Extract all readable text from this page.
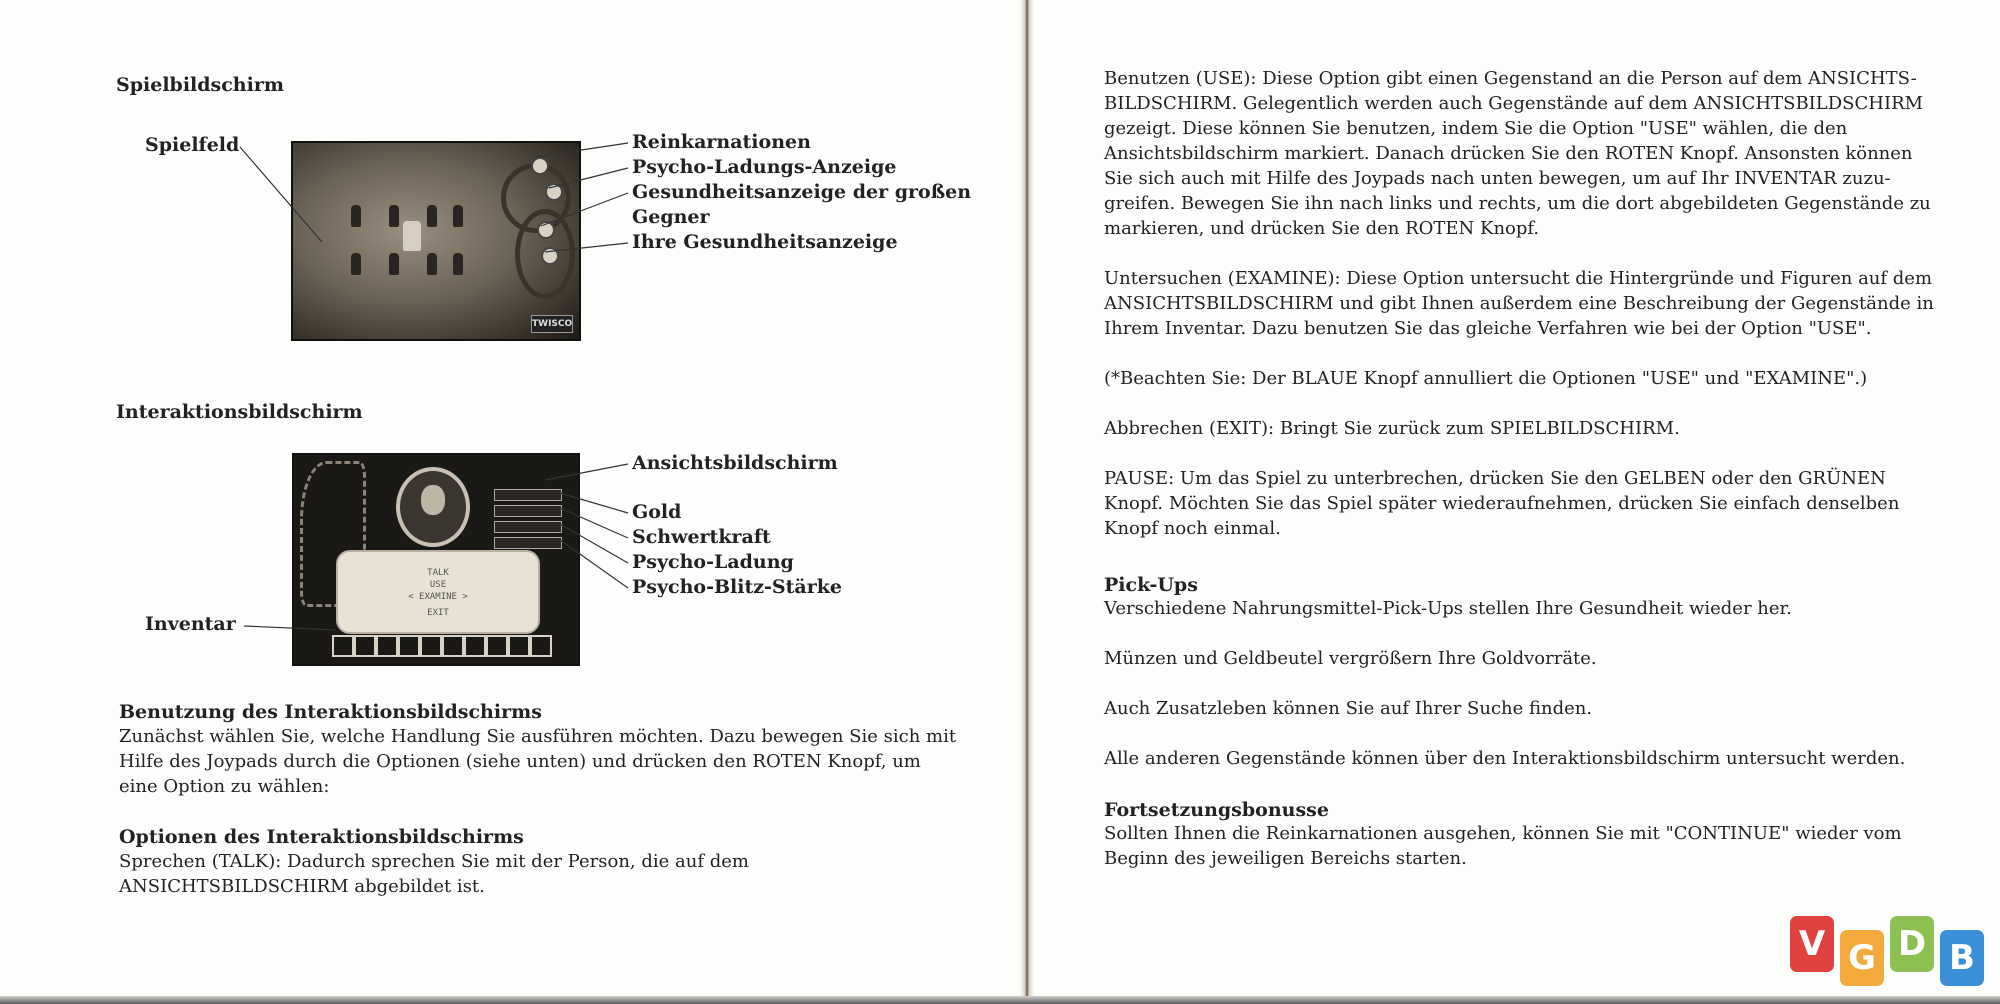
Spielbildschirm
Spielfeld
TWISCO
Reinkarnationen
Psycho-Ladungs-Anzeige
Gesundheitsanzeige der großen
Gegner
Ihre Gesundheitsanzeige
Interaktionsbildschirm
TALK
USE
< EXAMINE >
EXIT
Ansichtsbildschirm
Gold
Schwertkraft
Psycho-Ladung
Psycho-Blitz-Stärke
Inventar
Benutzung des Interaktionsbildschirms
Zunächst wählen Sie, welche Handlung Sie ausführen möchten. Dazu bewegen Sie sich mit
Hilfe des Joypads durch die Optionen (siehe unten) und drücken den ROTEN Knopf, um
eine Option zu wählen:
Optionen des Interaktionsbildschirms
Sprechen (TALK): Dadurch sprechen Sie mit der Person, die auf dem
ANSICHTSBILDSCHIRM abgebildet ist.
Benutzen (USE): Diese Option gibt einen Gegenstand an die Person auf dem ANSICHTS-
BILDSCHIRM. Gelegentlich werden auch Gegenstände auf dem ANSICHTSBILDSCHIRM
gezeigt. Diese können Sie benutzen, indem Sie die Option "USE" wählen, die den
Ansichtsbildschirm markiert. Danach drücken Sie den ROTEN Knopf. Ansonsten können
Sie sich auch mit Hilfe des Joypads nach unten bewegen, um auf Ihr INVENTAR zuzu-
greifen. Bewegen Sie ihn nach links und rechts, um die dort abgebildeten Gegenstände zu
markieren, und drücken Sie den ROTEN Knopf.
Untersuchen (EXAMINE): Diese Option untersucht die Hintergründe und Figuren auf dem
ANSICHTSBILDSCHIRM und gibt Ihnen außerdem eine Beschreibung der Gegenstände in
Ihrem Inventar. Dazu benutzen Sie das gleiche Verfahren wie bei der Option "USE".
(*Beachten Sie: Der BLAUE Knopf annulliert die Optionen "USE" und "EXAMINE".)
Abbrechen (EXIT): Bringt Sie zurück zum SPIELBILDSCHIRM.
PAUSE: Um das Spiel zu unterbrechen, drücken Sie den GELBEN oder den GRÜNEN
Knopf. Möchten Sie das Spiel später wiederaufnehmen, drücken Sie einfach denselben
Knopf noch einmal.
Pick-Ups
Verschiedene Nahrungsmittel-Pick-Ups stellen Ihre Gesundheit wieder her.
Münzen und Geldbeutel vergrößern Ihre Goldvorräte.
Auch Zusatzleben können Sie auf Ihrer Suche finden.
Alle anderen Gegenstände können über den Interaktionsbildschirm untersucht werden.
Fortsetzungsbonusse
Sollten Ihnen die Reinkarnationen ausgehen, können Sie mit "CONTINUE" wieder vom
Beginn des jeweiligen Bereichs starten.
V G D B
